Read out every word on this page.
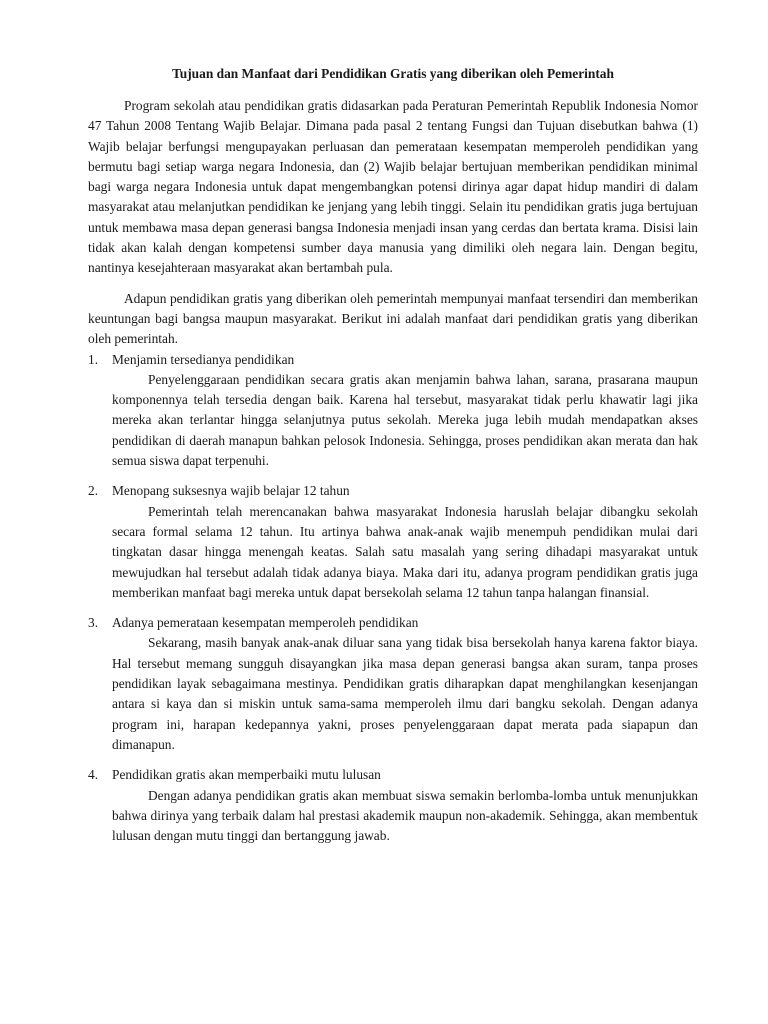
Tujuan dan Manfaat dari Pendidikan Gratis yang diberikan oleh Pemerintah

Program sekolah atau pendidikan gratis didasarkan pada Peraturan Pemerintah Republik Indonesia Nomor 47 Tahun 2008 Tentang Wajib Belajar. Dimana pada pasal 2 tentang Fungsi dan Tujuan disebutkan bahwa (1) Wajib belajar berfungsi mengupayakan perluasan dan pemerataan kesempatan memperoleh pendidikan yang bermutu bagi setiap warga negara Indonesia, dan (2) Wajib belajar bertujuan memberikan pendidikan minimal bagi warga negara Indonesia untuk dapat mengembangkan potensi dirinya agar dapat hidup mandiri di dalam masyarakat atau melanjutkan pendidikan ke jenjang yang lebih tinggi. Selain itu pendidikan gratis juga bertujuan untuk membawa masa depan generasi bangsa Indonesia menjadi insan yang cerdas dan bertata krama. Disisi lain tidak akan kalah dengan kompetensi sumber daya manusia yang dimiliki oleh negara lain. Dengan begitu, nantinya kesejahteraan masyarakat akan bertambah pula.

Adapun pendidikan gratis yang diberikan oleh pemerintah mempunyai manfaat tersendiri dan memberikan keuntungan bagi bangsa maupun masyarakat. Berikut ini adalah manfaat dari pendidikan gratis yang diberikan oleh pemerintah.

1.	Menjamin tersedianya pendidikan
Penyelenggaraan pendidikan secara gratis akan menjamin bahwa lahan, sarana, prasarana maupun komponennya telah tersedia dengan baik. Karena hal tersebut, masyarakat tidak perlu khawatir lagi jika mereka akan terlantar hingga selanjutnya putus sekolah. Mereka juga lebih mudah mendapatkan akses pendidikan di daerah manapun bahkan pelosok Indonesia. Sehingga, proses pendidikan akan merata dan hak semua siswa dapat terpenuhi.
2.	Menopang suksesnya wajib belajar 12 tahun
Pemerintah telah merencanakan bahwa masyarakat Indonesia haruslah belajar dibangku sekolah secara formal selama 12 tahun. Itu artinya bahwa anak-anak wajib menempuh pendidikan mulai dari tingkatan dasar hingga menengah keatas. Salah satu masalah yang sering dihadapi masyarakat untuk mewujudkan hal tersebut adalah tidak adanya biaya. Maka dari itu, adanya program pendidikan gratis juga memberikan manfaat bagi mereka untuk dapat bersekolah selama 12 tahun tanpa halangan finansial.
3.	Adanya pemerataan kesempatan memperoleh pendidikan
Sekarang, masih banyak anak-anak diluar sana yang tidak bisa bersekolah hanya karena faktor biaya. Hal tersebut memang sungguh disayangkan jika masa depan generasi bangsa akan suram, tanpa proses pendidikan layak sebagaimana mestinya. Pendidikan gratis diharapkan dapat menghilangkan kesenjangan antara si kaya dan si miskin untuk sama-sama memperoleh ilmu dari bangku sekolah. Dengan adanya program ini, harapan kedepannya yakni, proses penyelenggaraan dapat merata pada siapapun dan dimanapun.
4.	Pendidikan gratis akan memperbaiki mutu lulusan
Dengan adanya pendidikan gratis akan membuat siswa semakin berlomba-lomba untuk menunjukkan bahwa dirinya yang terbaik dalam hal prestasi akademik maupun non-akademik. Sehingga, akan membentuk lulusan dengan mutu tinggi dan bertanggung jawab.
